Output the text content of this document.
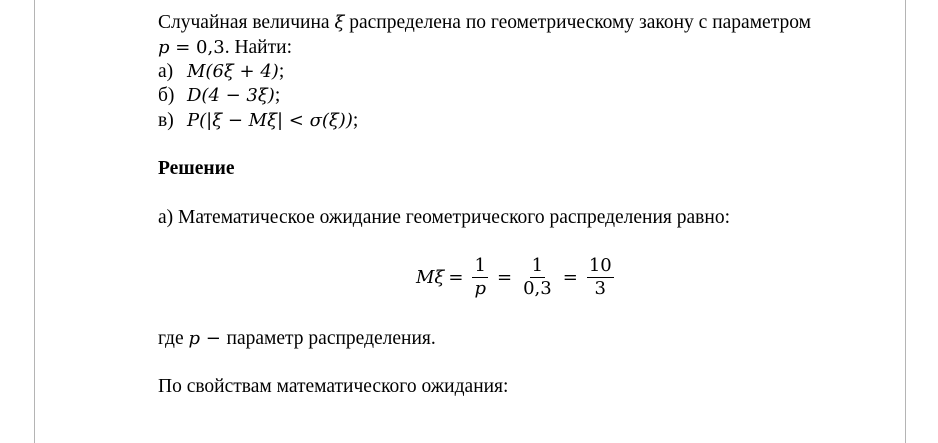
Случайная величина ξ распределена по геометрическому закону с параметром
p = 0,3. Найти:
а) M(6ξ + 4);
б) D(4 − 3ξ);
в) P(|ξ − Mξ| < σ(ξ));
Решение
а) Математическое ожидание геометрического распределения равно:
$M\xi = \frac{1}{p} = \frac{1}{0,3} = \frac{10}{3}$
где p − параметр распределения.
По свойствам математического ожидания:
